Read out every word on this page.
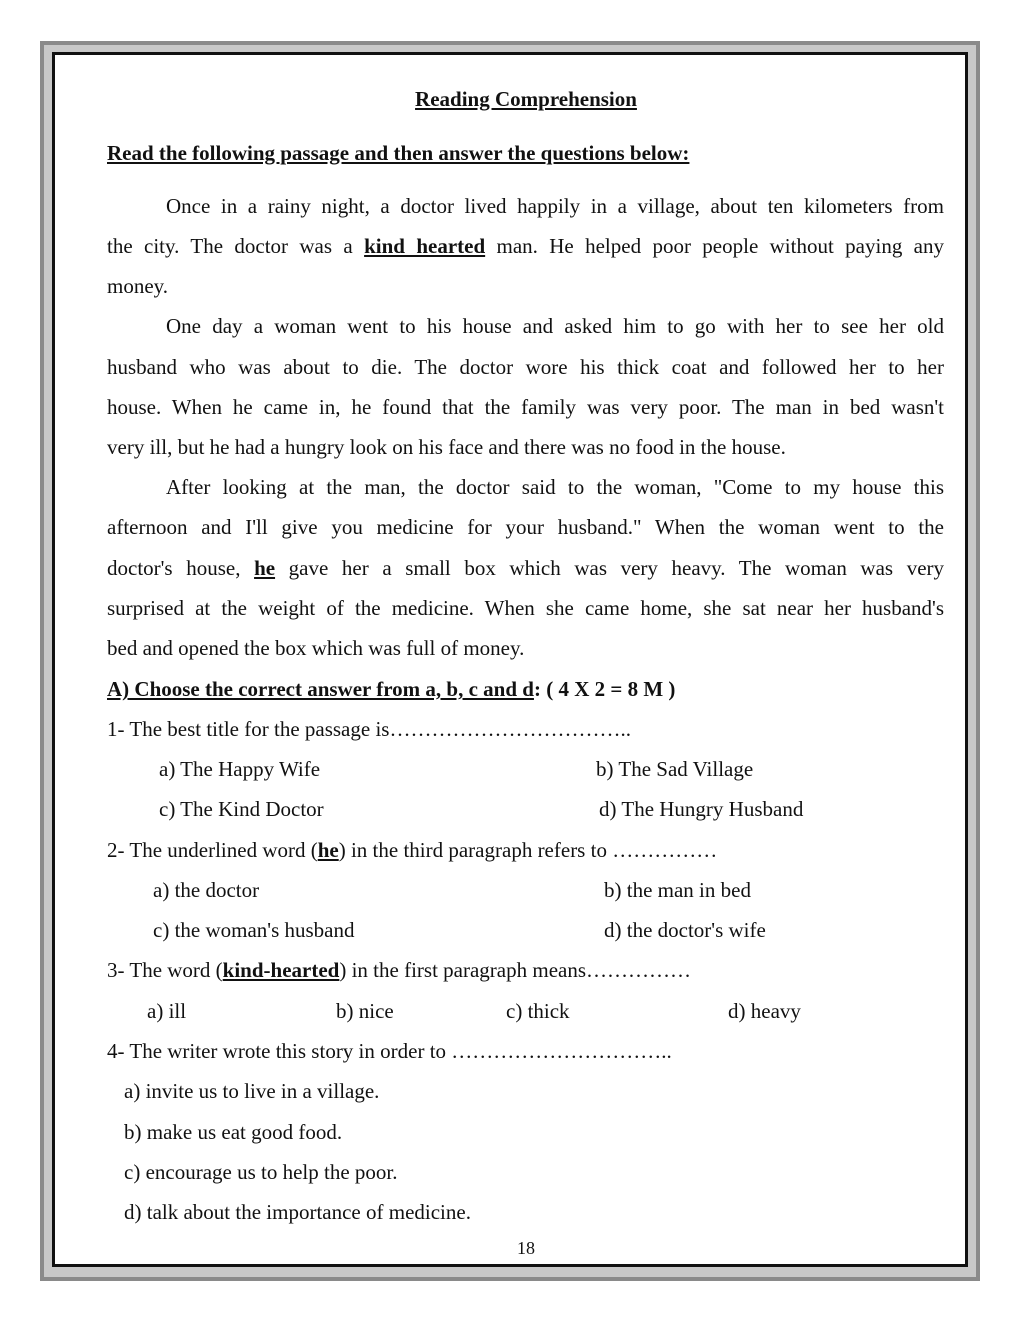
Reading Comprehension
Read the following passage and then answer the questions below:
Once in a rainy night, a doctor lived happily in a village, about ten kilometers from
the city. The doctor was a kind hearted man. He helped poor people without paying any
money.
One day a woman went to his house and asked him to go with her to see her old
husband who was about to die. The doctor wore his thick coat and followed her to her
house. When he came in, he found that the family was very poor. The man in bed wasn't
very ill, but he had a hungry look on his face and there was no food in the house.
After looking at the man, the doctor said to the woman, "Come to my house this
afternoon and I'll give you medicine for your husband." When the woman went to the
doctor's house, he gave her a small box which was very heavy. The woman was very
surprised at the weight of the medicine. When she came home, she sat near her husband's
bed and opened the box which was full of money.
A) Choose the correct answer from a, b, c and d: ( 4 X 2 = 8 M )
1- The best title for the passage is……………………………..
a) The Happy Wife	b) The Sad Village
c) The Kind Doctor	d) The Hungry Husband
2- The underlined word (he) in the third paragraph refers to ……………
a) the doctor	b) the man in bed
c) the woman's husband	d) the doctor's wife
3- The word (kind-hearted) in the first paragraph means……………
a) ill	b) nice	c) thick	d) heavy
4- The writer wrote this story in order to …………………………..
a) invite us to live in a village.
b) make us eat good food.
c) encourage us to help the poor.
d) talk about the importance of medicine.
18
